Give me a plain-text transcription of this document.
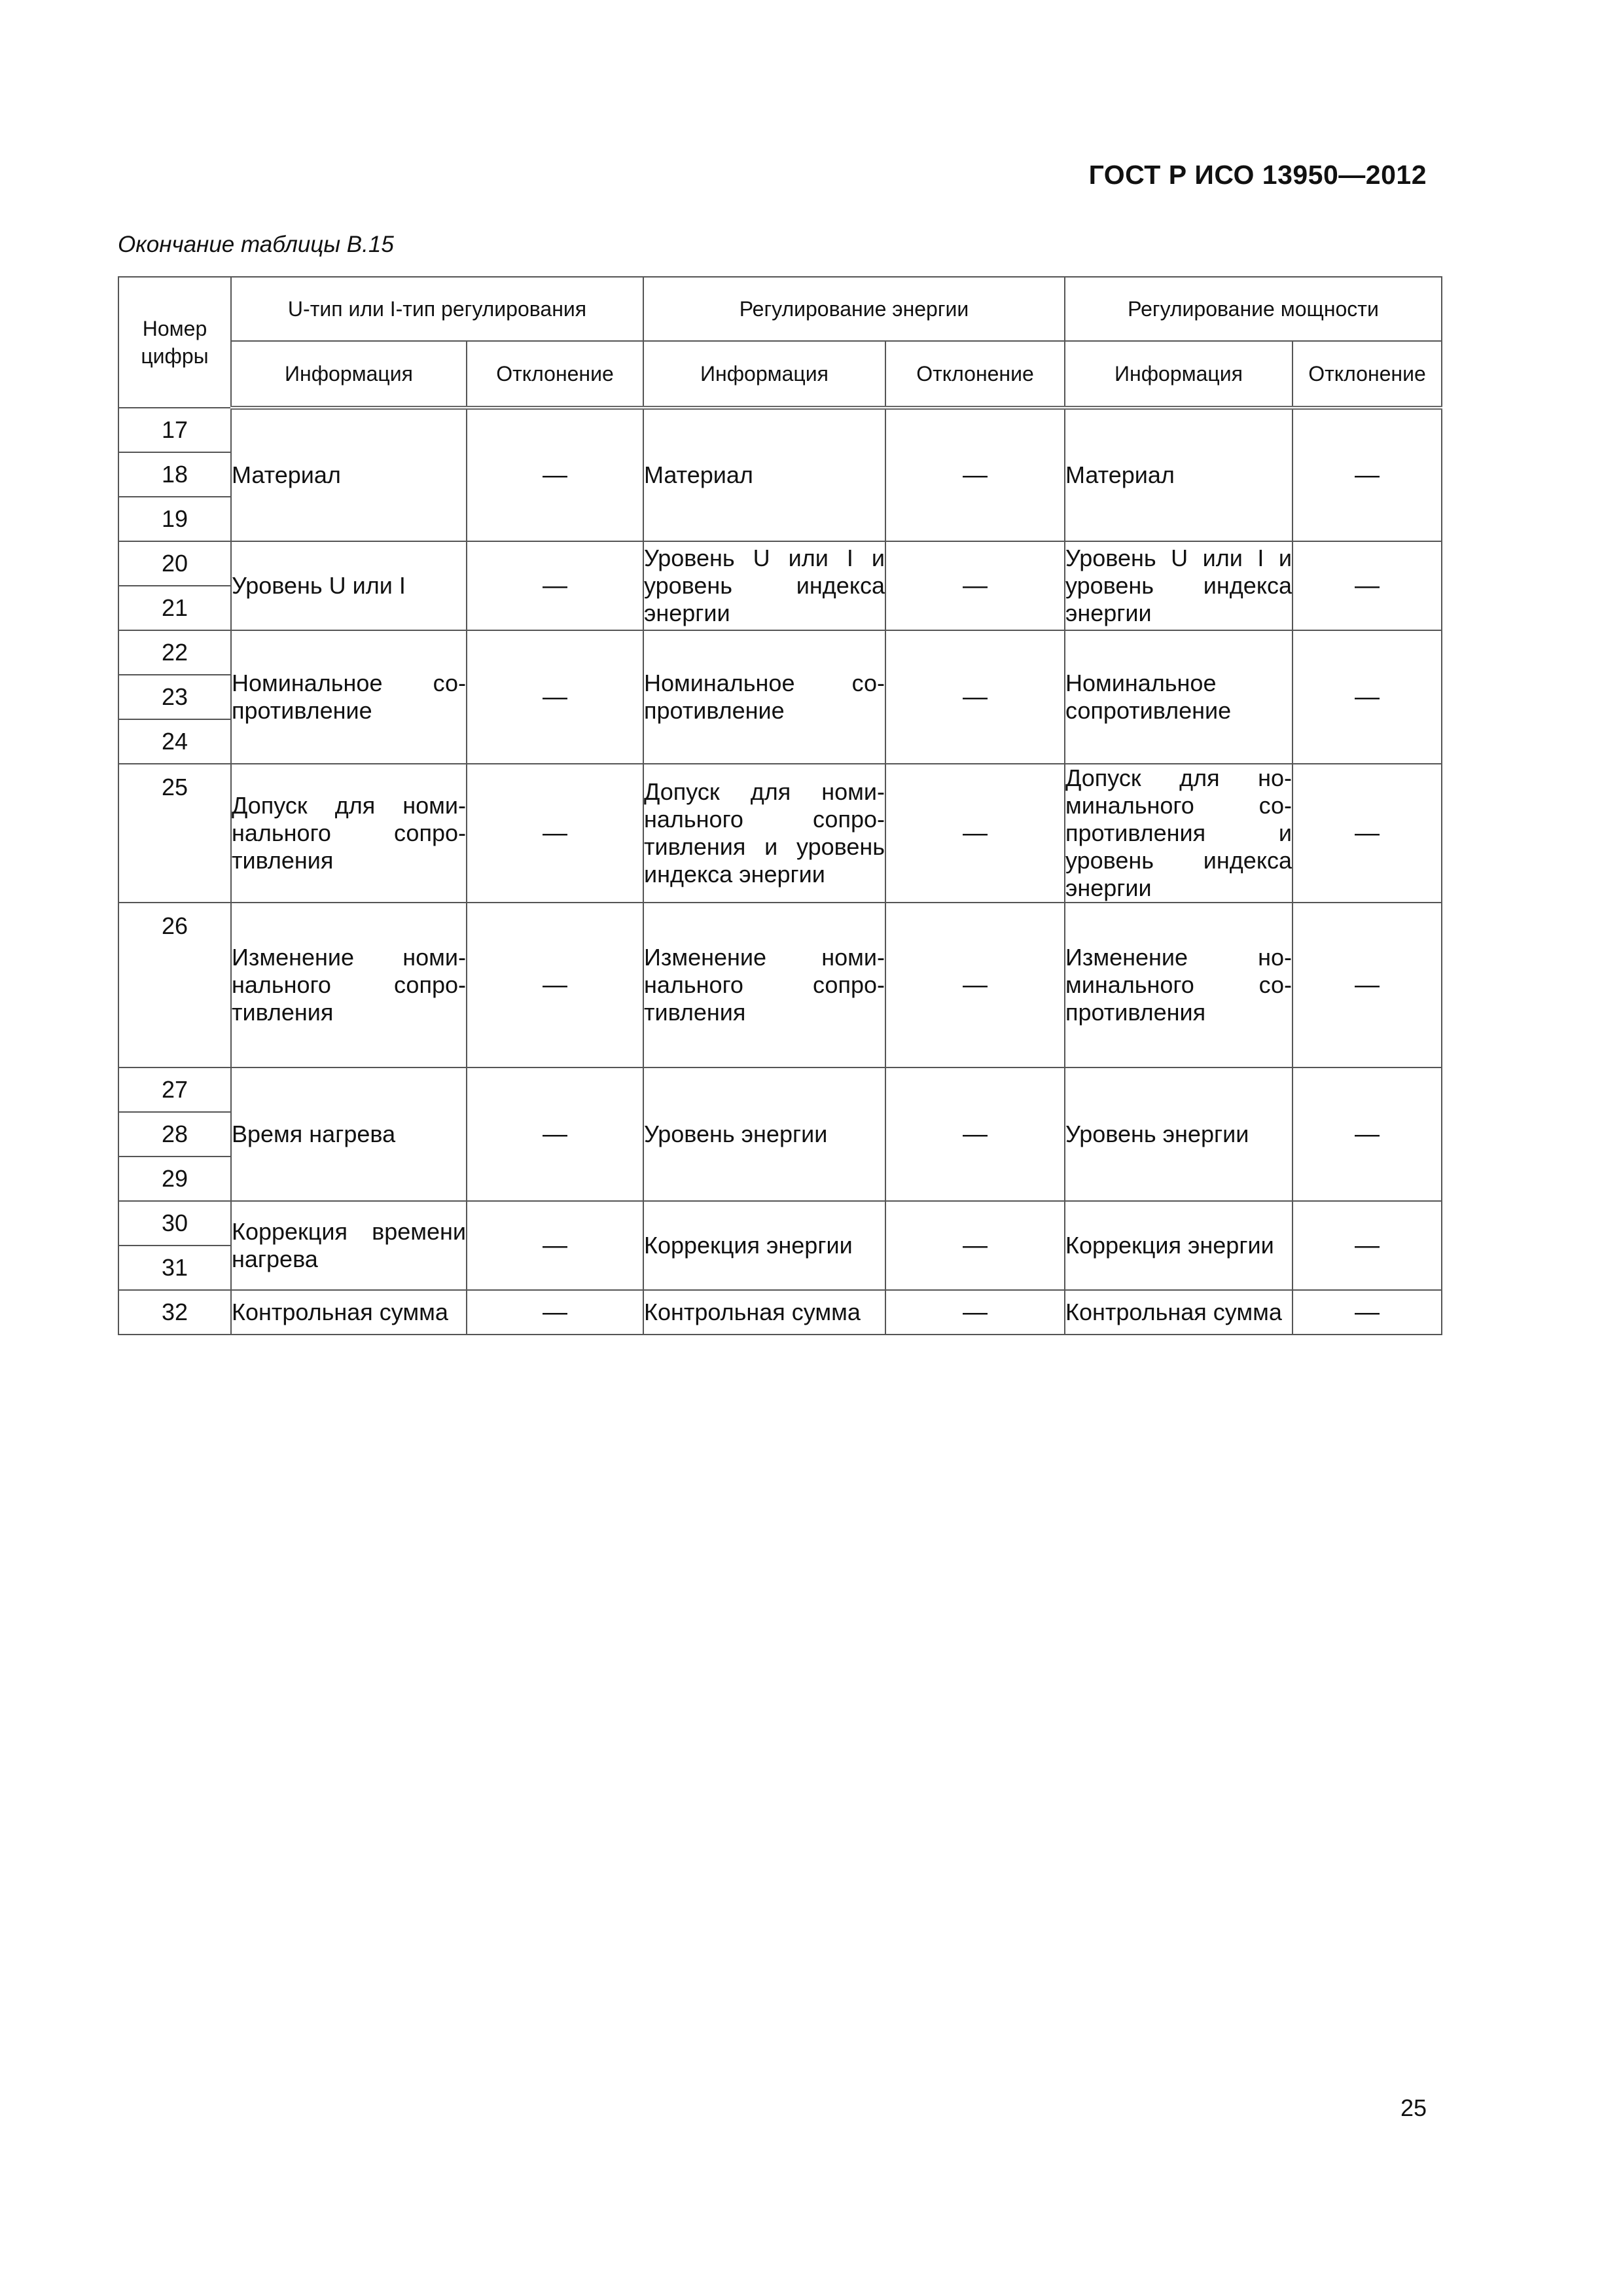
ГОСТ Р ИСО 13950—2012
Окончание таблицы В.15
Номер цифры	U-тип или I-тип регулирования		Регулирование энергии		Регулирование мощности	
	Информация	Отклонение	Информация	Отклонение	Информация	Отклонение
17	Материал	—	Материал	—	Материал	—
18						
19						
20	Уровень U или I	—	Уровень U или I и уровень индекса энергии	—	Уровень U или I и уровень индекса энергии	—
21						
22	Номинальное сопротивление	—	Номинальное сопротивление	—	Номинальное сопротивление	—
23						
24						
25	Допуск для номинального сопротивления	—	Допуск для номинального сопротивления и уровень индекса энергии	—	Допуск для номинального сопротивления и уровень индекса энергии	—
26	Изменение номинального сопротивления	—	Изменение номинального сопротивления	—	Изменение номинального сопротивления	—
27	Время нагрева	—	Уровень энергии	—	Уровень энергии	—
28						
29						
30	Коррекция времени нагрева	—	Коррекция энергии	—	Коррекция энергии	—
31						
32	Контрольная сумма	—	Контрольная сумма	—	Контрольная сумма	—
25
